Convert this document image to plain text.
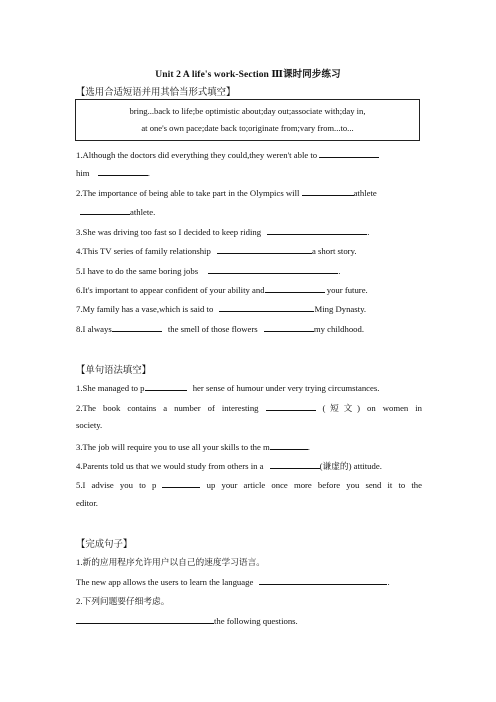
Unit 2 A life's work-Section Ⅲ课时同步练习
【选用合适短语并用其恰当形式填空】
bring...back to life;be optimistic about;day out;associate with;day in,
at one's own pace;date back to;originate from;vary from...to...
1.Although the doctors did everything they could,they weren't able to
him	.
2.The importance of being able to take part in the Olympics will	athlete
athlete.
3.She was driving too fast so I decided to keep riding	.
4.This TV series of family relationship	a short story.
5.I have to do the same boring jobs	.
6.It's important to appear confident of your ability and	your future.
7.My family has a vase,which is said to	Ming Dynasty.
8.I always	the smell of those flowers	my childhood.
【单句语法填空】
1.She managed to p	her sense of humour under very trying circumstances.
2.The book contains a number of interesting	(短文) on women in
society.
3.The job will require you to use all your skills to the m	.
4.Parents told us that we would study from others in a	(谦虚的) attitude.
5.I advise you to p	up your article once more before you send it to the
editor.
【完成句子】
1.新的应用程序允许用户以自己的速度学习语言。
The new app allows the users to learn the language	.
2.下列问题要仔细考虑。
the following questions.
